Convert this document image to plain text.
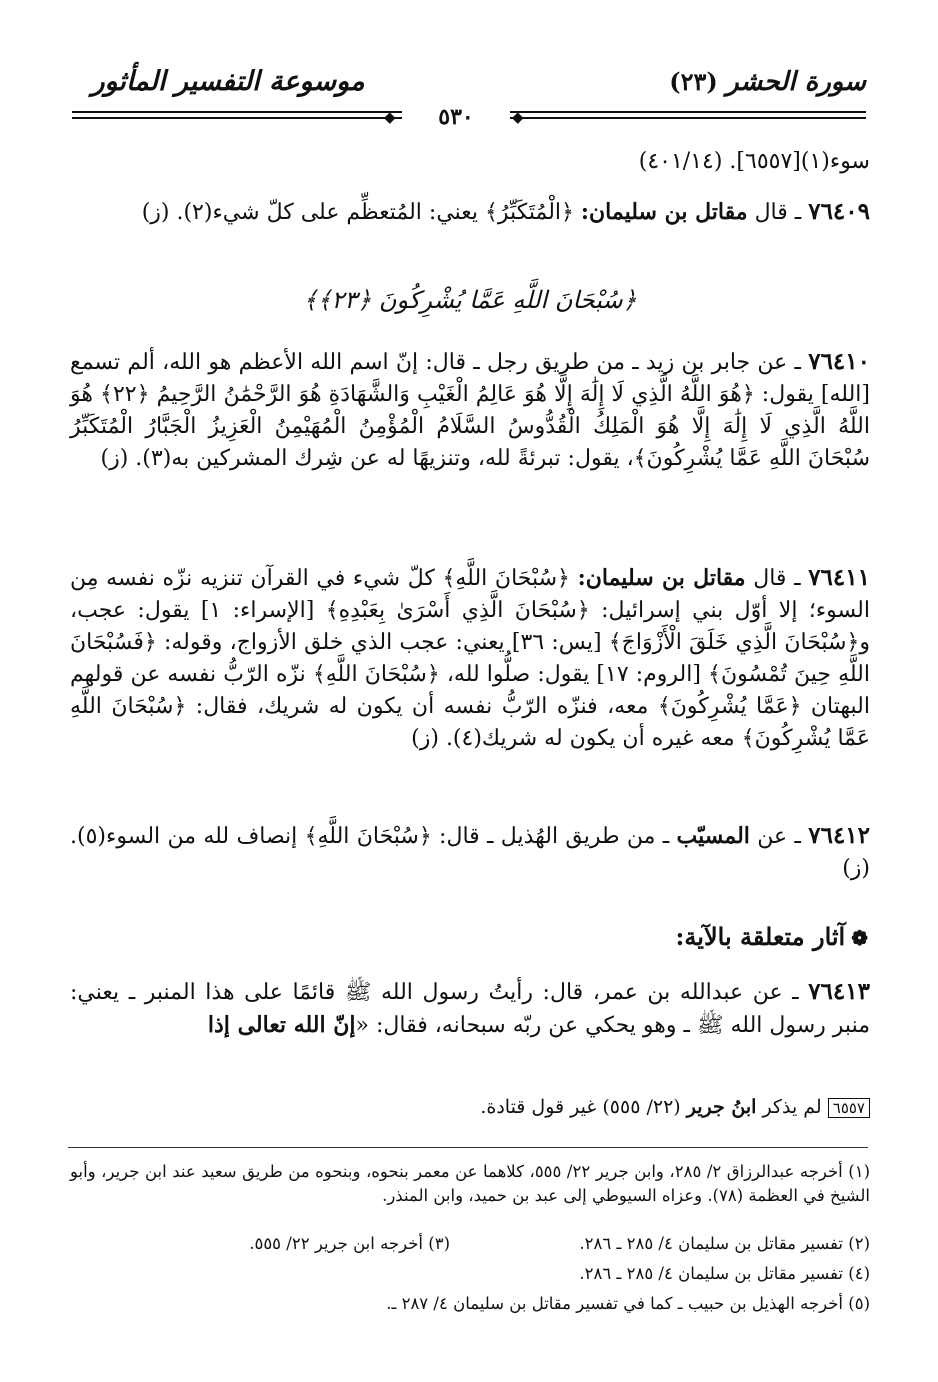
موسوعة التفسير المأثور	سورة الحشر (٢٣)
◆	٥٣٠	◆
سوء(١)[٦٥٥٧]. (٤٠١/١٤)
٧٦٤٠٩ ـ قال مقاتل بن سليمان: ﴿الْمُتَكَبِّرُ﴾ يعني: المُتعظِّم على كلّ شيء(٢). (ز)
﴿سُبْحَانَ اللَّهِ عَمَّا يُشْرِكُونَ ﴿٢٣﴾﴾
٧٦٤١٠ ـ عن جابر بن زيد ـ من طريق رجل ـ قال: إنّ اسم الله الأعظم هو الله، ألم تسمع [الله] يقول: ﴿هُوَ اللَّهُ الَّذِي لَا إِلَٰهَ إِلَّا هُوَ عَالِمُ الْغَيْبِ وَالشَّهَادَةِ هُوَ الرَّحْمَٰنُ الرَّحِيمُ ﴿٢٢﴾ هُوَ اللَّهُ الَّذِي لَا إِلَٰهَ إِلَّا هُوَ الْمَلِكُ الْقُدُّوسُ السَّلَامُ الْمُؤْمِنُ الْمُهَيْمِنُ الْعَزِيزُ الْجَبَّارُ الْمُتَكَبِّرُ سُبْحَانَ اللَّهِ عَمَّا يُشْرِكُونَ﴾، يقول: تبرئةً لله، وتنزيهًا له عن شِرك المشركين به(٣). (ز)
٧٦٤١١ ـ قال مقاتل بن سليمان: ﴿سُبْحَانَ اللَّهِ﴾ كلّ شيء في القرآن تنزيه نزّه نفسه مِن السوء؛ إلا أوّل بني إسرائيل: ﴿سُبْحَانَ الَّذِي أَسْرَىٰ بِعَبْدِهِ﴾ [الإسراء: ١] يقول: عجب، و﴿سُبْحَانَ الَّذِي خَلَقَ الْأَزْوَاجَ﴾ [يس: ٣٦] يعني: عجب الذي خلق الأزواج، وقوله: ﴿فَسُبْحَانَ اللَّهِ حِينَ تُمْسُونَ﴾ [الروم: ١٧] يقول: صلُّوا لله، ﴿سُبْحَانَ اللَّهِ﴾ نزّه الرّبُّ نفسه عن قولهم البهتان ﴿عَمَّا يُشْرِكُونَ﴾ معه، فنزّه الرّبُّ نفسه أن يكون له شريك، فقال: ﴿سُبْحَانَ اللَّهِ عَمَّا يُشْرِكُونَ﴾ معه غيره أن يكون له شريك(٤). (ز)
٧٦٤١٢ ـ عن المسيّب ـ من طريق الهُذيل ـ قال: ﴿سُبْحَانَ اللَّهِ﴾ إنصاف لله من السوء(٥). (ز)
❁آثار متعلقة بالآية:
٧٦٤١٣ ـ عن عبدالله بن عمر، قال: رأيتُ رسول الله ﷺ قائمًا على هذا المنبر ـ يعني: منبر رسول الله ﷺ ـ وهو يحكي عن ربّه سبحانه، فقال: «إنّ الله تعالى إذا
٦٥٥٧ لم يذكر ابنُ جرير (٢٢/ ٥٥٥) غير قول قتادة.
(١) أخرجه عبدالرزاق ٢/ ٢٨٥، وابن جرير ٢٢/ ٥٥٥، كلاهما عن معمر بنحوه، وبنحوه من طريق سعيد عند ابن جرير، وأبو الشيخ في العظمة (٧٨). وعزاه السيوطي إلى عبد بن حميد، وابن المنذر.
(٢) تفسير مقاتل بن سليمان ٤/ ٢٨٥ ـ ٢٨٦.
(٣) أخرجه ابن جرير ٢٢/ ٥٥٥.
(٤) تفسير مقاتل بن سليمان ٤/ ٢٨٥ ـ ٢٨٦.
(٥) أخرجه الهذيل بن حبيب ـ كما في تفسير مقاتل بن سليمان ٤/ ٢٨٧ ـ.
